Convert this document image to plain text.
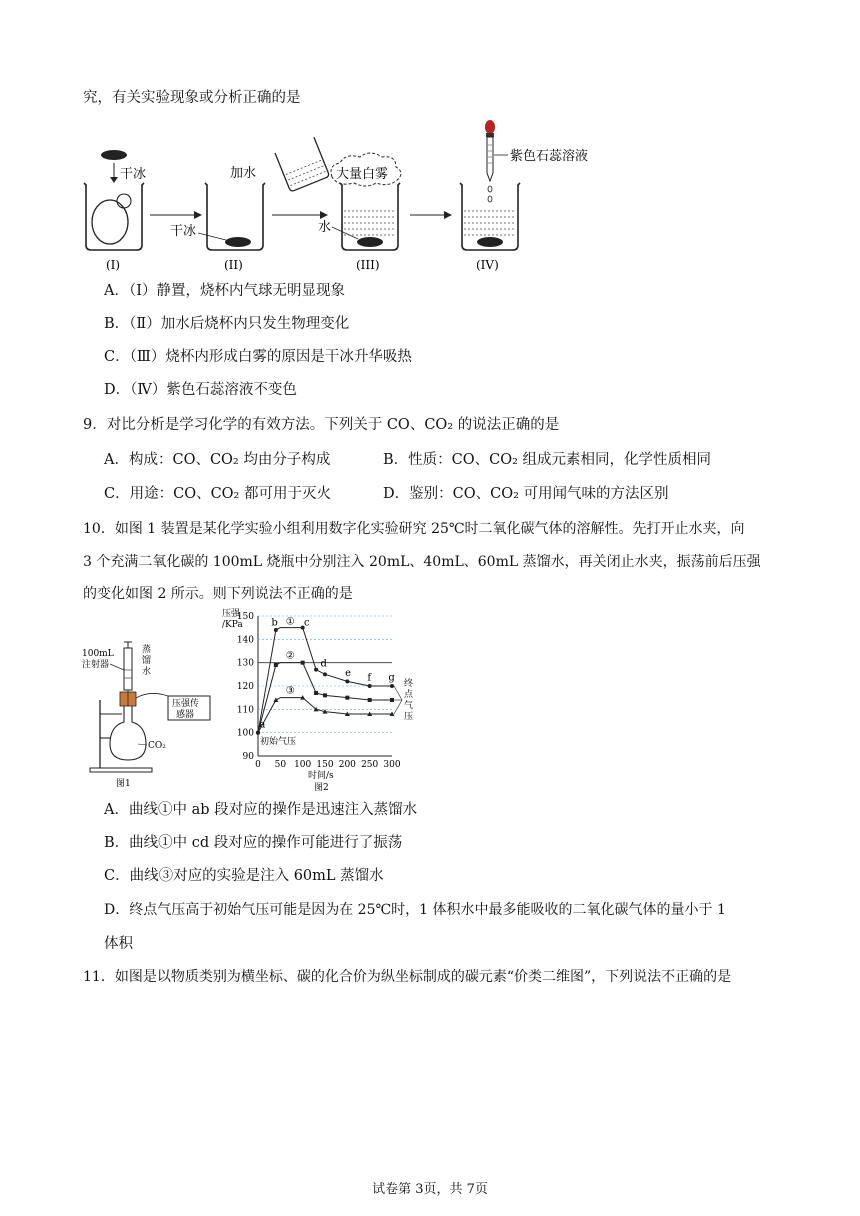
究，有关实验现象或分析正确的是
干冰	加水
干冰
大量白雾
水
紫色石蕊溶液
(I)	(II)	(III)	(IV)
A．（Ⅰ）静置，烧杯内气球无明显现象
B．（Ⅱ）加水后烧杯内只发生物理变化
C．（Ⅲ）烧杯内形成白雾的原因是干冰升华吸热
D．（Ⅳ）紫色石蕊溶液不变色
9．对比分析是学习化学的有效方法。下列关于 CO、CO₂ 的说法正确的是
A．构成：CO、CO₂ 均由分子构成	B．性质：CO、CO₂ 组成元素相同，化学性质相同
C．用途：CO、CO₂ 都可用于灭火	D．鉴别：CO、CO₂ 可用闻气味的方法区别
10．如图 1 装置是某化学实验小组利用数字化实验研究 25℃时二氧化碳气体的溶解性。先打开止水夹，向
3 个充满二氧化碳的 100mL 烧瓶中分别注入 20mL、40mL、60mL 蒸馏水，再关闭止水夹，振荡前后压强
的变化如图 2 所示。则下列说法不正确的是
100mL
注射器
蒸
馏
水
压强传
感器
CO₂
图1
压强
/KPa
90
100
110
120
130
140
150
0 50 100 150 200 250 300
①
②
③
a
b	c
d
e f g
初始气压
终
点
气
压
时间/s
图2
A．曲线①中 ab 段对应的操作是迅速注入蒸馏水
B．曲线①中 cd 段对应的操作可能进行了振荡
C．曲线③对应的实验是注入 60mL 蒸馏水
D．终点气压高于初始气压可能是因为在 25℃时，1 体积水中最多能吸收的二氧化碳气体的量小于 1
体积
11．如图是以物质类别为横坐标、碳的化合价为纵坐标制成的碳元素“价类二维图”，下列说法不正确的是
试卷第 3页，共 7页
